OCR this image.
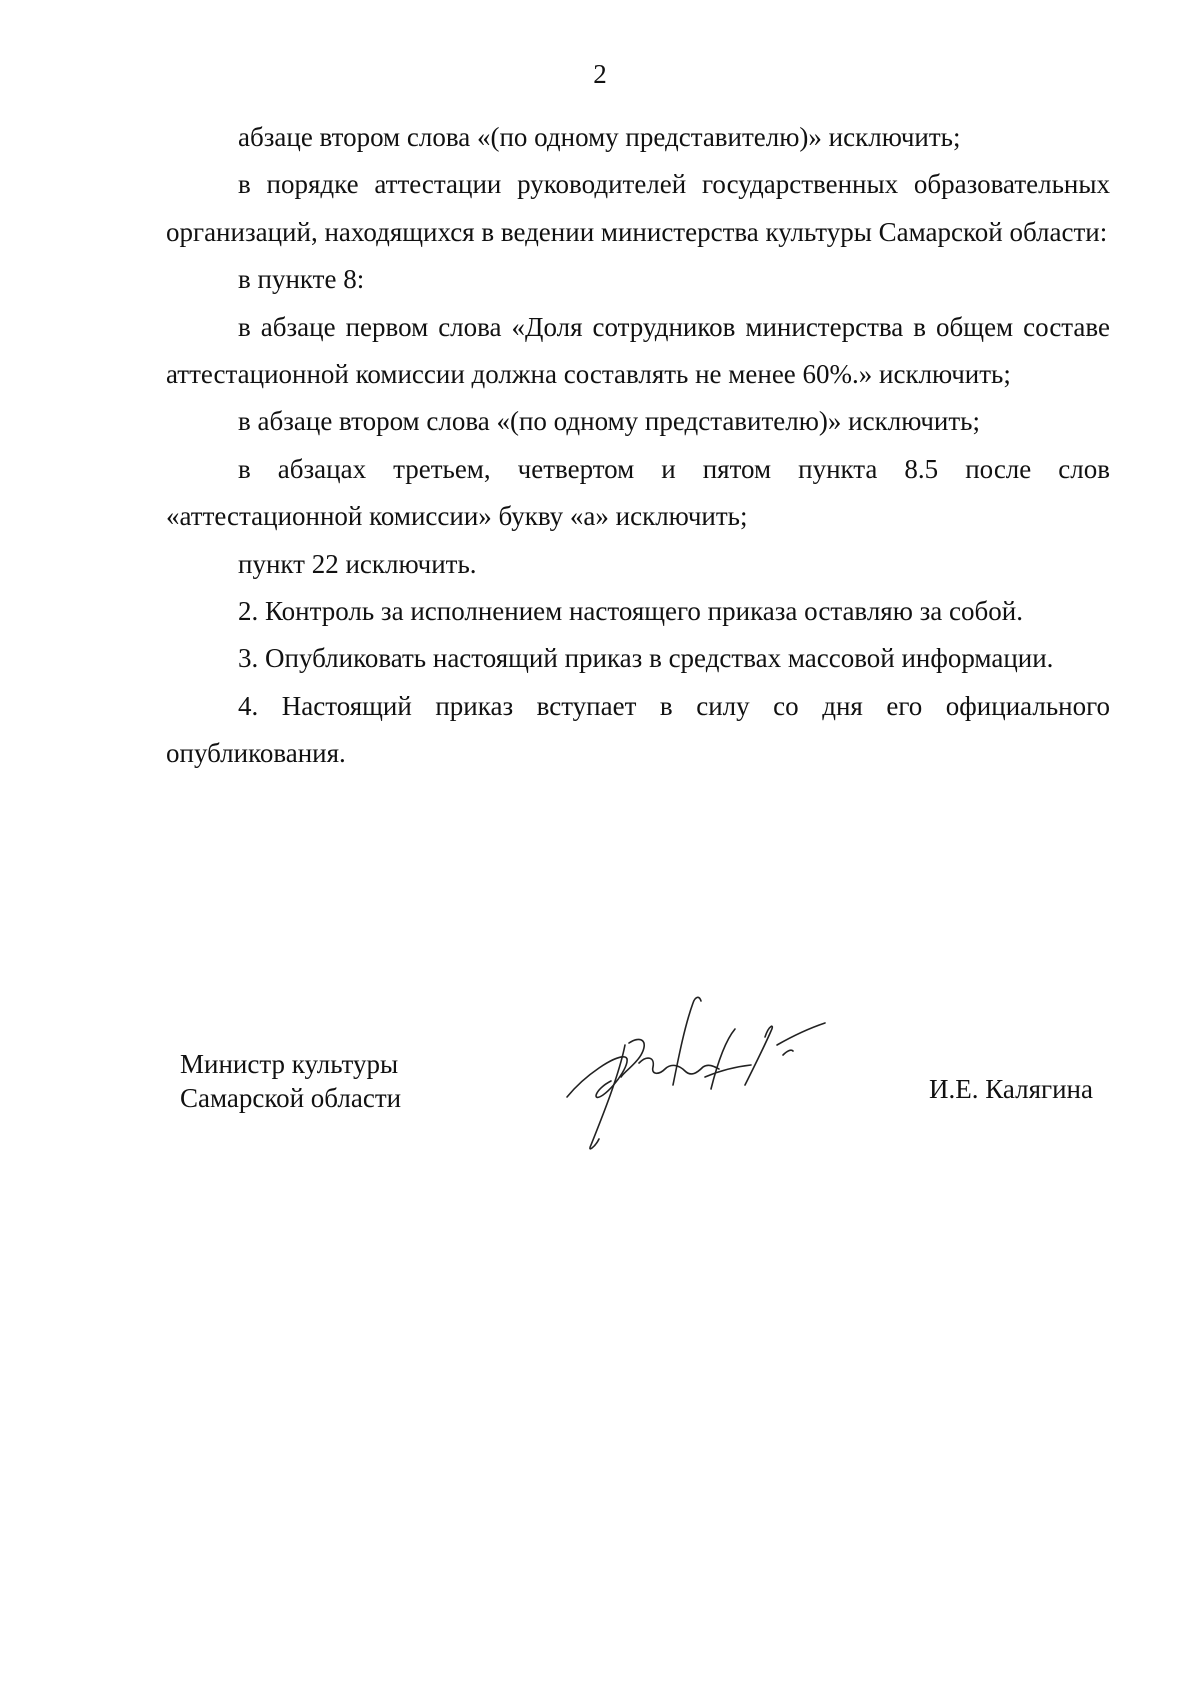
2

абзаце втором слова «(по одному представителю)» исключить;

в порядке аттестации руководителей государственных образовательных организаций, находящихся в ведении министерства культуры Самарской области:

в пункте 8:

в абзаце первом слова «Доля сотрудников министерства в общем составе аттестационной комиссии должна составлять не менее 60%.» исключить;

в абзаце втором слова «(по одному представителю)» исключить;

в абзацах третьем, четвертом и пятом пункта 8.5 после слов «аттестационной комиссии» букву «а» исключить;

пункт 22 исключить.

2. Контроль за исполнением настоящего приказа оставляю за собой.

3. Опубликовать настоящий приказ в средствах массовой информации.

4. Настоящий приказ вступает в силу со дня его официального опубликования.

Министр культуры
Самарской области	И.Е. Калягина
